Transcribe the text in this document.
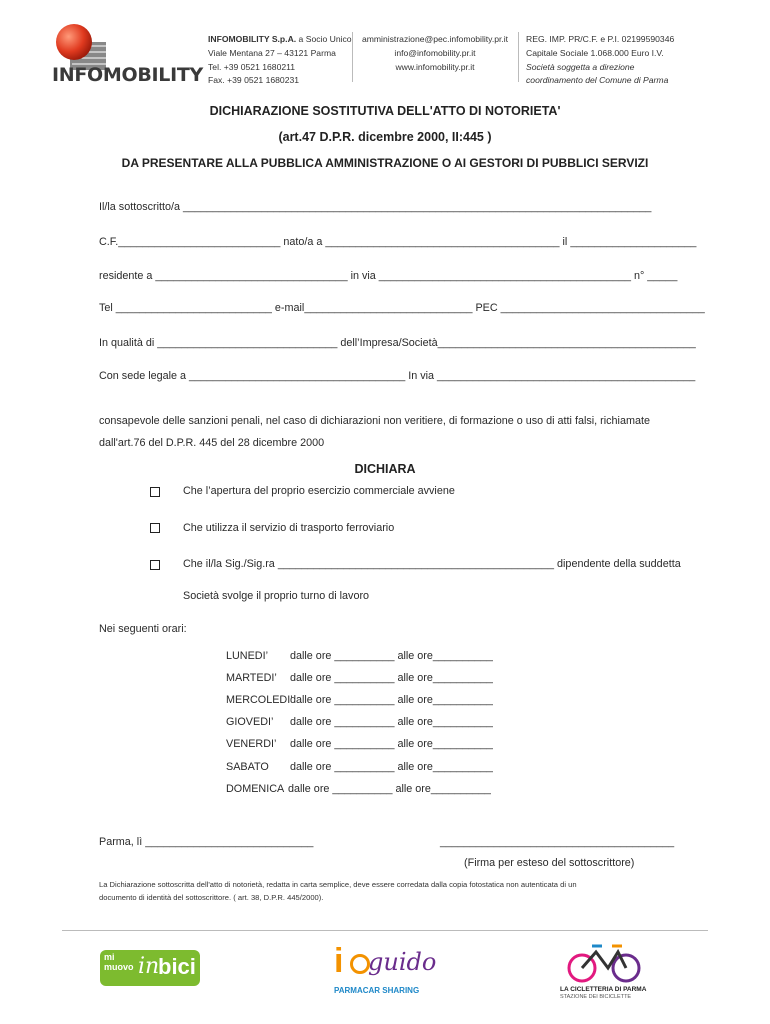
INFOMOBILITY
INFOMOBILITY S.p.A. a Socio Unico
Viale Mentana 27 – 43121 Parma
Tel. +39 0521 1680211
Fax. +39 0521 1680231
amministrazione@pec.infomobility.pr.it
info@infomobility.pr.it
www.infomobility.pr.it
REG. IMP. PR/C.F. e P.I. 02199590346
Capitale Sociale 1.068.000 Euro I.V.
Società soggetta a direzione
coordinamento del Comune di Parma
DICHIARAZIONE SOSTITUTIVA DELL'ATTO DI NOTORIETA'
(art.47 D.P.R. dicembre 2000, II:445 )
DA PRESENTARE ALLA PUBBLICA AMMINISTRAZIONE O AI GESTORI DI PUBBLICI SERVIZI
Il/la sottoscritto/a ______________________________________________________________________________
C.F.___________________________ nato/a a _______________________________________ il _____________________
residente a ________________________________ in via __________________________________________ n° _____
Tel __________________________ e-mail____________________________ PEC __________________________________
In qualità di ______________________________ dell’Impresa/Società___________________________________________
Con sede legale a ____________________________________ In via ___________________________________________
consapevole delle sanzioni penali, nel caso di dichiarazioni non veritiere, di formazione o uso di atti falsi, richiamate
dall'art.76 del D.P.R. 445 del 28 dicembre 2000
DICHIARA
Che l’apertura del proprio esercizio commerciale avviene
Che utilizza il servizio di trasporto ferroviario
Che il/la Sig./Sig.ra ______________________________________________ dipendente della suddetta
Società svolge il proprio turno di lavoro
Nei seguenti orari:
LUNEDI’ dalle ore __________ alle ore__________
MARTEDI’ dalle ore __________ alle ore__________
MERCOLEDI’dalle ore __________ alle ore__________
GIOVEDI’ dalle ore __________ alle ore__________
VENERDI’ dalle ore __________ alle ore__________
SABATO dalle ore __________ alle ore__________
DOMENICA dalle ore __________ alle ore__________
Parma, lì ____________________________	_______________________________________
(Firma per esteso del sottoscrittore)
La Dichiarazione sottoscritta dell'atto di notorietà, redatta in carta semplice, deve essere corredata dalla copia fotostatica non autenticata di un
documento di identità del sottoscrittore. ( art. 38, D.P.R. 445/2000).
mi
muovo in
bici	i guido
PARMACAR SHARING	LA CICLETTERIA DI PARMA
STAZIONE DEI BICICLETTE
